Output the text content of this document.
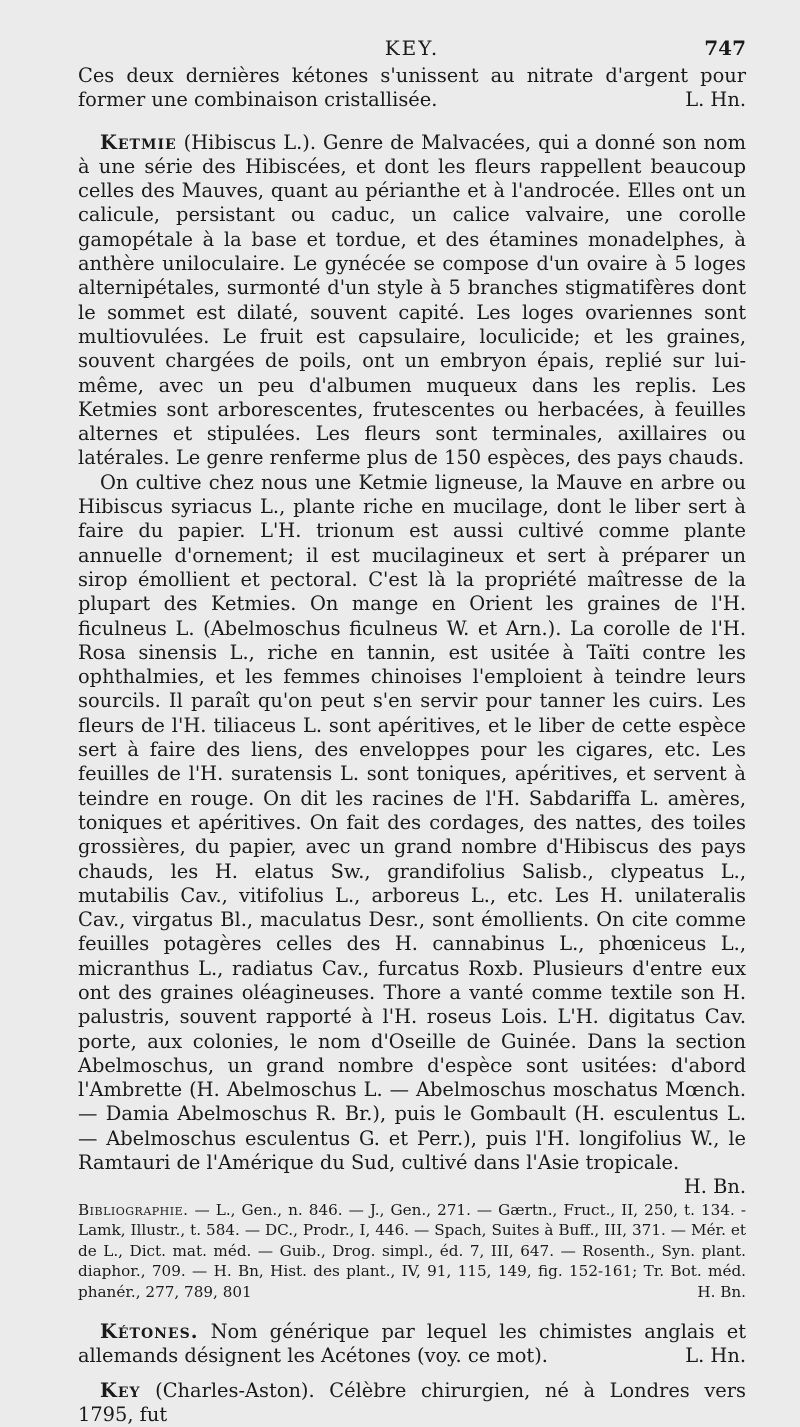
KEY.	747

Ces deux dernières kétones s'unissent au nitrate d'argent pour former une combinaison cristallisée.	L. Hn.

Ketmie (Hibiscus L.). Genre de Malvacées, qui a donné son nom à une série des Hibiscées, et dont les fleurs rappellent beaucoup celles des Mauves, quant au périanthe et à l'androcée. Elles ont un calicule, persistant ou caduc, un calice valvaire, une corolle gamopétale à la base et tordue, et des étamines monadelphes, à anthère uniloculaire. Le gynécée se compose d'un ovaire à 5 loges alternipétales, surmonté d'un style à 5 branches stigmatifères dont le sommet est dilaté, souvent capité. Les loges ovariennes sont multiovulées. Le fruit est capsulaire, loculicide; et les graines, souvent chargées de poils, ont un embryon épais, replié sur lui-même, avec un peu d'albumen muqueux dans les replis. Les Ketmies sont arborescentes, frutescentes ou herbacées, à feuilles alternes et stipulées. Les fleurs sont terminales, axillaires ou latérales. Le genre renferme plus de 150 espèces, des pays chauds.

On cultive chez nous une Ketmie ligneuse, la Mauve en arbre ou Hibiscus syriacus L., plante riche en mucilage, dont le liber sert à faire du papier. L'H. trionum est aussi cultivé comme plante annuelle d'ornement; il est mucilagineux et sert à préparer un sirop émollient et pectoral. C'est là la propriété maîtresse de la plupart des Ketmies. On mange en Orient les graines de l'H. ficulneus L. (Abelmoschus ficulneus W. et Arn.). La corolle de l'H. Rosa sinensis L., riche en tannin, est usitée à Taïti contre les ophthalmies, et les femmes chinoises l'emploient à teindre leurs sourcils. Il paraît qu'on peut s'en servir pour tanner les cuirs. Les fleurs de l'H. tiliaceus L. sont apéritives, et le liber de cette espèce sert à faire des liens, des enveloppes pour les cigares, etc. Les feuilles de l'H. suratensis L. sont toniques, apéritives, et servent à teindre en rouge. On dit les racines de l'H. Sabdariffa L. amères, toniques et apéritives. On fait des cordages, des nattes, des toiles grossières, du papier, avec un grand nombre d'Hibiscus des pays chauds, les H. elatus Sw., grandifolius Salisb., clypeatus L., mutabilis Cav., vitifolius L., arboreus L., etc. Les H. unilateralis Cav., virgatus Bl., maculatus Desr., sont émollients. On cite comme feuilles potagères celles des H. cannabinus L., phœniceus L., micranthus L., radiatus Cav., furcatus Roxb. Plusieurs d'entre eux ont des graines oléagineuses. Thore a vanté comme textile son H. palustris, souvent rapporté à l'H. roseus Lois. L'H. digitatus Cav. porte, aux colonies, le nom d'Oseille de Guinée. Dans la section Abelmoschus, un grand nombre d'espèce sont usitées: d'abord l'Ambrette (H. Abelmoschus L. — Abelmoschus moschatus Mœnch. — Damia Abelmoschus R. Br.), puis le Gombault (H. esculentus L. — Abelmoschus esculentus G. et Perr.), puis l'H. longifolius W., le Ramtauri de l'Amérique du Sud, cultivé dans l'Asie tropicale.
H. Bn.

Bibliographie. — L., Gen., n. 846. — J., Gen., 271. — Gærtn., Fruct., II, 250, t. 134. - Lamk, Illustr., t. 584. — DC., Prodr., I, 446. — Spach, Suites à Buff., III, 371. — Mér. et de L., Dict. mat. méd. — Guib., Drog. simpl., éd. 7, III, 647. — Rosenth., Syn. plant. diaphor., 709. — H. Bn, Hist. des plant., IV, 91, 115, 149, fig. 152-161; Tr. Bot. méd. phanér., 277, 789, 801	H. Bn.

Kétones. Nom générique par lequel les chimistes anglais et allemands désignent les Acétones (voy. ce mot).	L. Hn.

Key (Charles-Aston). Célèbre chirurgien, né à Londres vers 1795, fut
